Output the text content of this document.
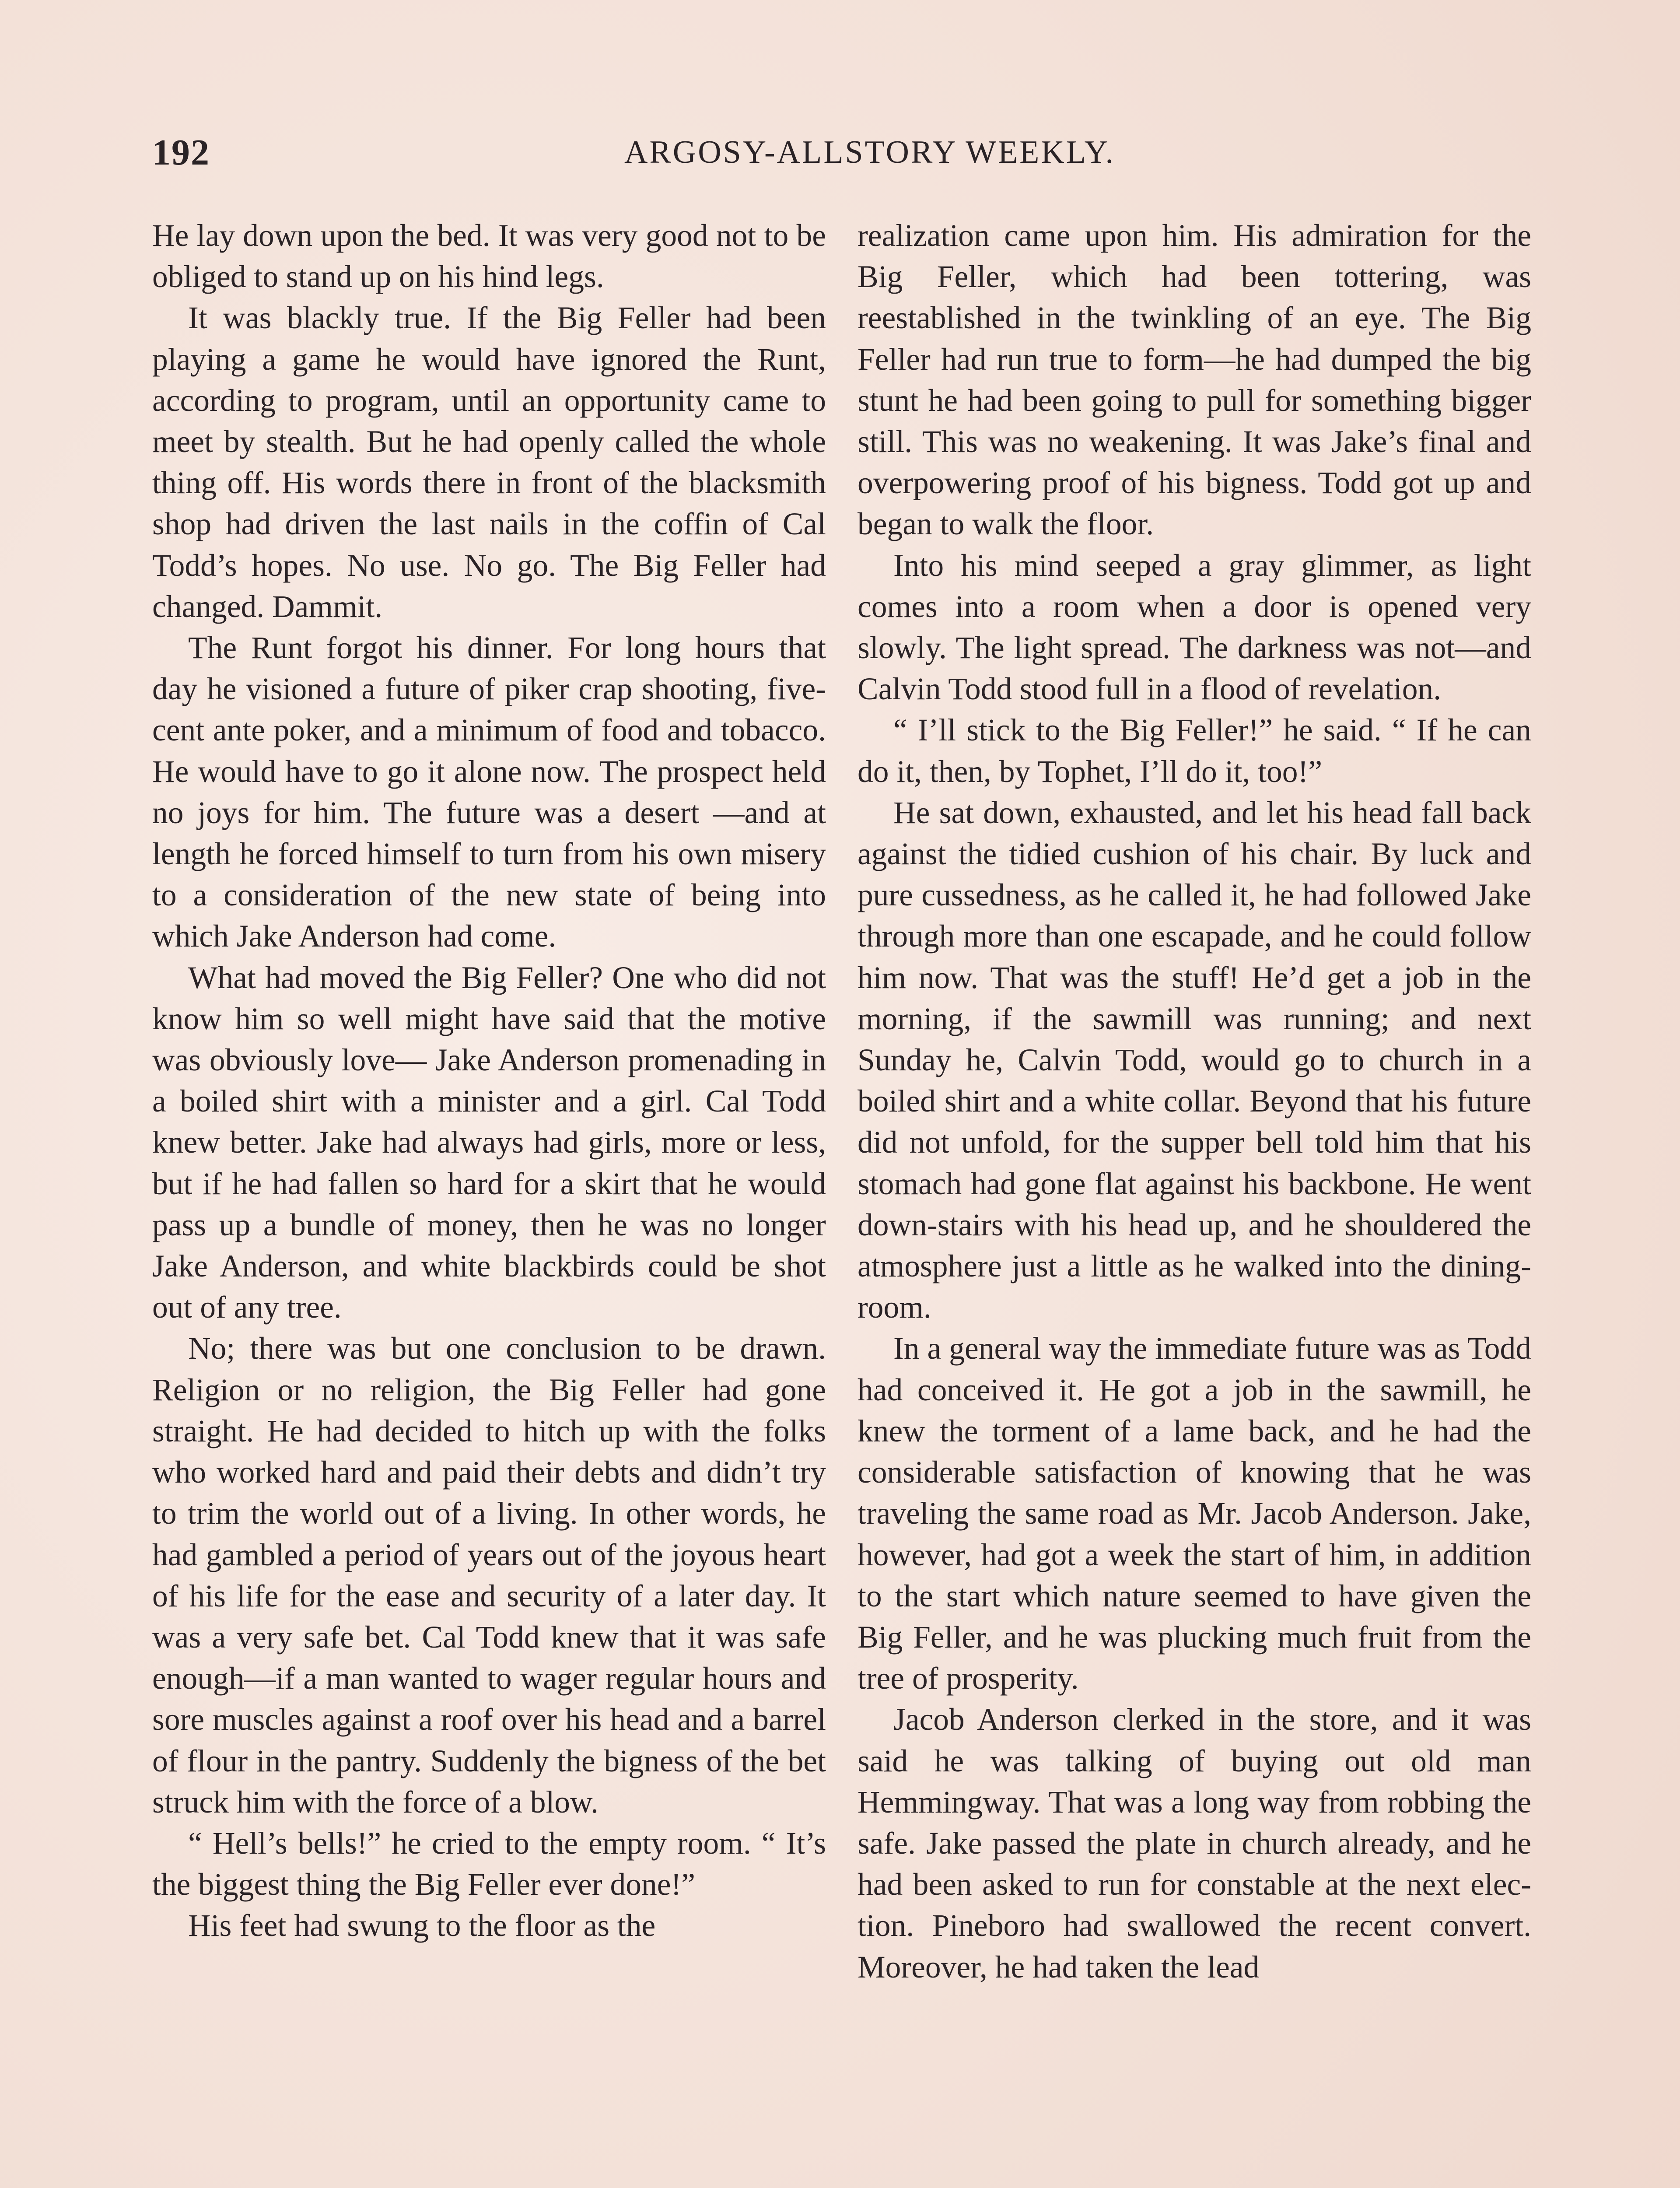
192	ARGOSY-ALLSTORY WEEKLY.

He lay down upon the bed. It was very good not to be obliged to stand up on his hind legs.

It was blackly true. If the Big Feller had been playing a game he would have ignored the Runt, according to program, until an opportunity came to meet by stealth. But he had openly called the whole thing off. His words there in front of the blacksmith shop had driven the last nails in the coffin of Cal Todd’s hopes. No use. No go. The Big Feller had changed. Dammit.

The Runt forgot his dinner. For long hours that day he visioned a future of piker crap shooting, five-cent ante poker, and a minimum of food and tobacco. He would have to go it alone now. The prospect held no joys for him. The future was a desert —and at length he forced himself to turn from his own misery to a consideration of the new state of being into which Jake Anderson had come.

What had moved the Big Feller? One who did not know him so well might have said that the motive was obviously love— Jake Anderson promenading in a boiled shirt with a minister and a girl. Cal Todd knew better. Jake had always had girls, more or less, but if he had fallen so hard for a skirt that he would pass up a bundle of money, then he was no longer Jake Anderson, and white blackbirds could be shot out of any tree.

No; there was but one conclusion to be drawn. Religion or no religion, the Big Feller had gone straight. He had decided to hitch up with the folks who worked hard and paid their debts and didn’t try to trim the world out of a living. In other words, he had gambled a period of years out of the joyous heart of his life for the ease and security of a later day. It was a very safe bet. Cal Todd knew that it was safe enough—if a man wanted to wager regular hours and sore muscles against a roof over his head and a barrel of flour in the pantry. Suddenly the bigness of the bet struck him with the force of a blow.

“ Hell’s bells!” he cried to the empty room. “ It’s the biggest thing the Big Feller ever done!”

His feet had swung to the floor as the

realization came upon him. His admiration for the Big Feller, which had been tottering, was reestablished in the twinkling of an eye. The Big Feller had run true to form—he had dumped the big stunt he had been going to pull for something bigger still. This was no weakening. It was Jake’s final and overpowering proof of his bigness. Todd got up and began to walk the floor.

Into his mind seeped a gray glimmer, as light comes into a room when a door is opened very slowly. The light spread. The darkness was not—and Calvin Todd stood full in a flood of revelation.

“ I’ll stick to the Big Feller!” he said. “ If he can do it, then, by Tophet, I’ll do it, too!”

He sat down, exhausted, and let his head fall back against the tidied cushion of his chair. By luck and pure cussedness, as he called it, he had followed Jake through more than one escapade, and he could follow him now. That was the stuff! He’d get a job in the morning, if the sawmill was running; and next Sunday he, Calvin Todd, would go to church in a boiled shirt and a white collar. Beyond that his future did not unfold, for the supper bell told him that his stomach had gone flat against his backbone. He went down-stairs with his head up, and he shouldered the atmosphere just a little as he walked into the dining-room.

In a general way the immediate future was as Todd had conceived it. He got a job in the sawmill, he knew the torment of a lame back, and he had the considerable satisfaction of knowing that he was traveling the same road as Mr. Jacob Anderson. Jake, however, had got a week the start of him, in addition to the start which nature seemed to have given the Big Feller, and he was plucking much fruit from the tree of prosperity.

Jacob Anderson clerked in the store, and it was said he was talking of buying out old man Hemmingway. That was a long way from robbing the safe. Jake passed the plate in church already, and he had been asked to run for constable at the next election. Pineboro had swallowed the recent convert. Moreover, he had taken the lead
